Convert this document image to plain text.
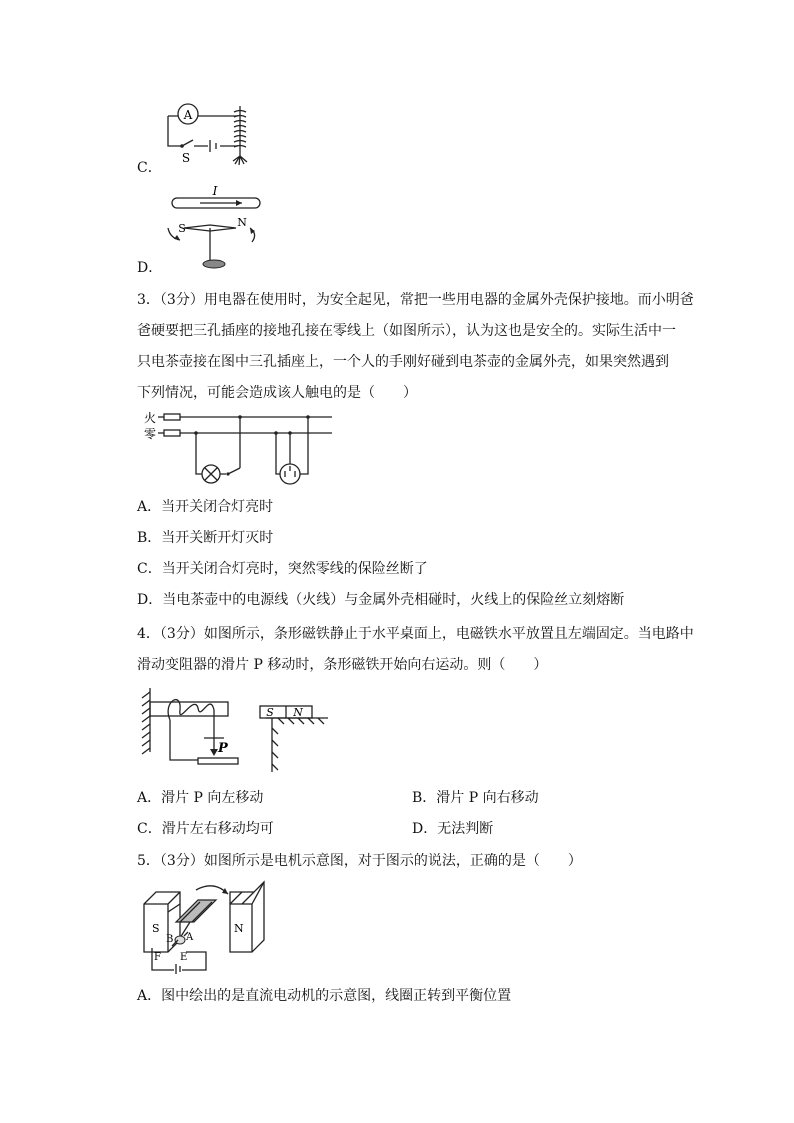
C．
A
S
D．
I
S	N
3．（3分）用电器在使用时，为安全起见，常把一些用电器的金属外壳保护接地。而小明爸
爸硬要把三孔插座的接地孔接在零线上（如图所示），认为这也是安全的。实际生活中一
只电茶壶接在图中三孔插座上，一个人的手刚好碰到电茶壶的金属外壳，如果突然遇到
下列情况，可能会造成该人触电的是（　　）
火
零
A．当开关闭合灯亮时
B．当开关断开灯灭时
C．当开关闭合灯亮时，突然零线的保险丝断了
D．当电茶壶中的电源线（火线）与金属外壳相碰时，火线上的保险丝立刻熔断
4．（3分）如图所示，条形磁铁静止于水平桌面上，电磁铁水平放置且左端固定。当电路中
滑动变阻器的滑片 P 移动时，条形磁铁开始向右运动。则（　　）
P
S N
A．滑片 P 向左移动	B．滑片 P 向右移动
C．滑片左右移动均可	D．无法判断
5．（3分）如图所示是电机示意图，对于图示的说法，正确的是（　　）
S	N
B A
F E
A．图中绘出的是直流电动机的示意图，线圈正转到平衡位置
